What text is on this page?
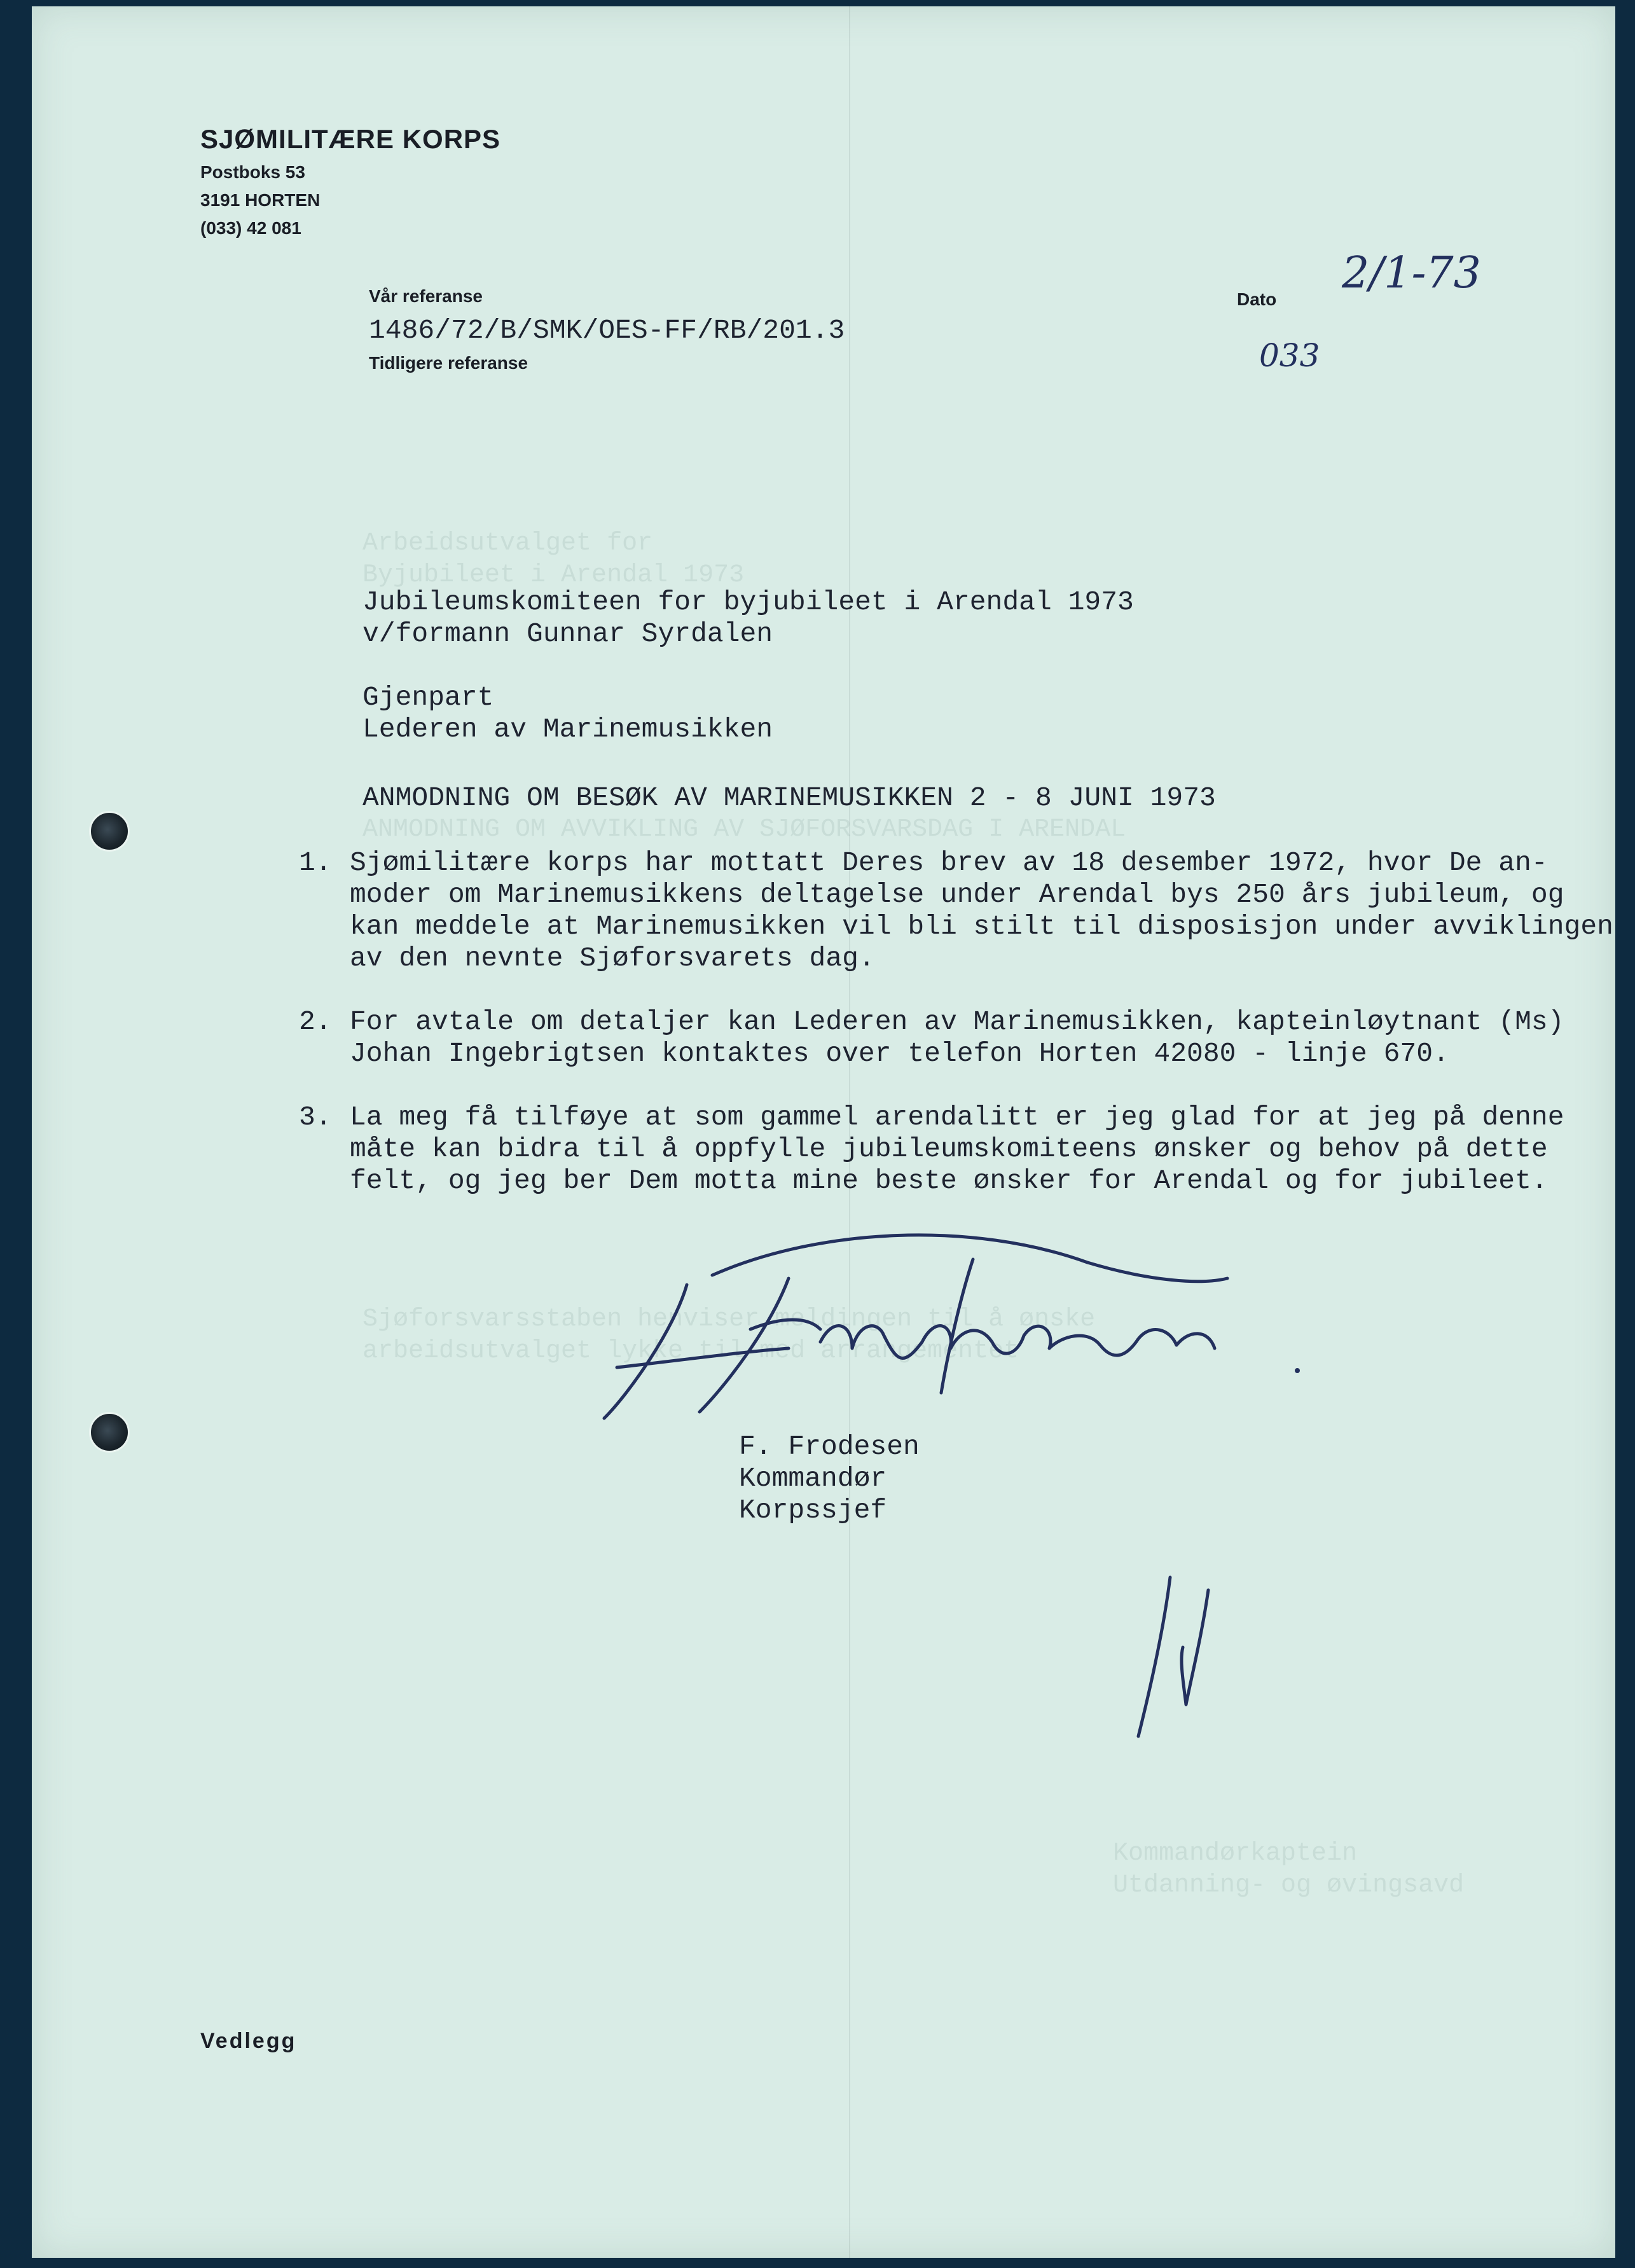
Arbeidsutvalget for
Byjubileet i Arendal 1973
ANMODNING OM AVVIKLING AV SJØFORSVARSDAG I ARENDAL
Sjøforsvarsstaben henviser meldingen til å ønske
arbeidsutvalget lykke til med arrangementet
Kommandørkaptein
Utdanning- og øvingsavd
SJØMILITÆRE KORPS
Postboks 53
3191 HORTEN
(033) 42 081
Vår referanse
1486/72/B/SMK/OES-FF/RB/201.3
Tidligere referanse
Dato
2/1-73
033
Jubileumskomiteen for byjubileet i Arendal 1973
v/formann Gunnar Syrdalen
Gjenpart
Lederen av Marinemusikken
ANMODNING OM BESØK AV MARINEMUSIKKEN 2 - 8 JUNI 1973
1. Sjømilitære korps har mottatt Deres brev av 18 desember 1972, hvor De an-
moder om Marinemusikkens deltagelse under Arendal bys 250 års jubileum, og
kan meddele at Marinemusikken vil bli stilt til disposisjon under avviklingen
av den nevnte Sjøforsvarets dag.
2. For avtale om detaljer kan Lederen av Marinemusikken, kapteinløytnant (Ms)
Johan Ingebrigtsen kontaktes over telefon Horten 42080 - linje 670.
3. La meg få tilføye at som gammel arendalitt er jeg glad for at jeg på denne
måte kan bidra til å oppfylle jubileumskomiteens ønsker og behov på dette
felt, og jeg ber Dem motta mine beste ønsker for Arendal og for jubileet.
F. Frodesen
Kommandør
Korpssjef
Vedlegg
